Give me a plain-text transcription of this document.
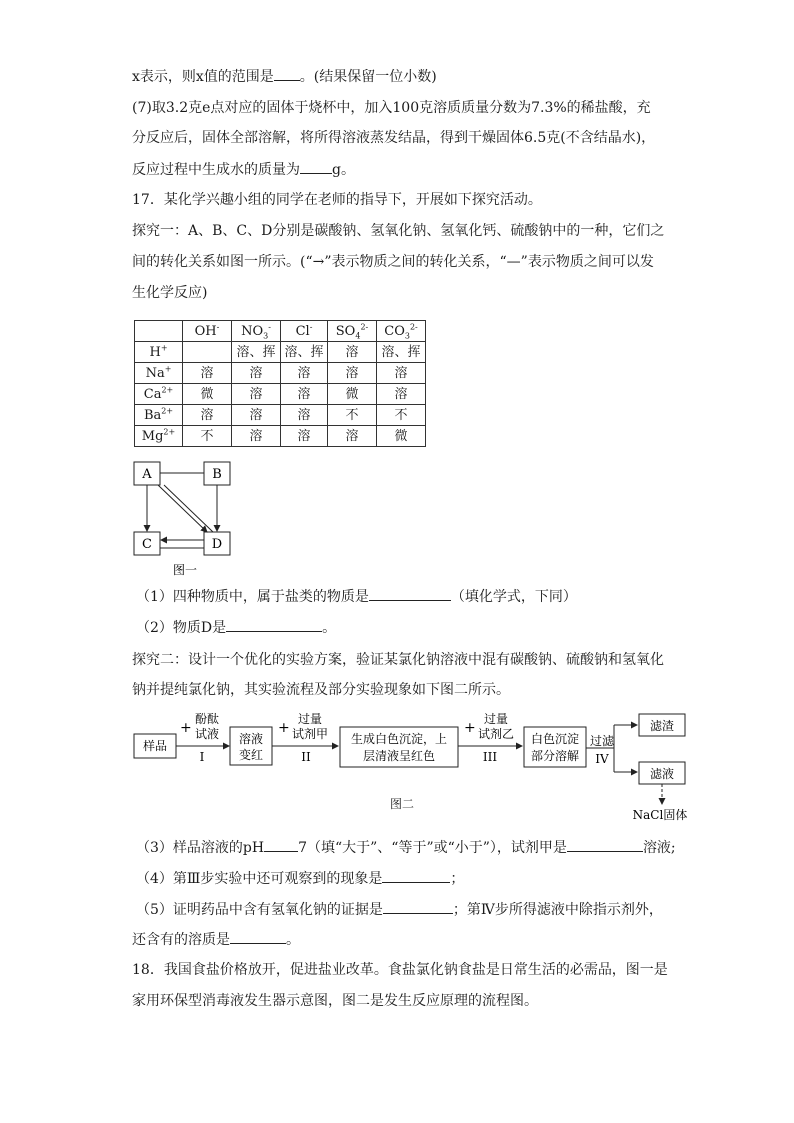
x表示，则x值的范围是 。(结果保留一位小数)
(7)取3.2克e点对应的固体于烧杯中，加入100克溶质质量分数为7.3%的稀盐酸，充
分反应后，固体全部溶解，将所得溶液蒸发结晶，得到干燥固体6.5克(不含结晶水)，
反应过程中生成水的质量为 g。
17．某化学兴趣小组的同学在老师的指导下，开展如下探究活动。
探究一：A、B、C、D分别是碳酸钠、氢氧化钠、氢氧化钙、硫酸钠中的一种，它们之
间的转化关系如图一所示。(“→”表示物质之间的转化关系，“—”表示物质之间可以发
生化学反应)
	OH-	$NO_3^-$	Cl-	$SO_4^{2-}$	$CO_3^{2-}$
H+		溶、挥	溶、挥	溶	溶、挥
Na+	溶	溶	溶	溶	溶
$Ca^{2+}$	微	溶	溶	微	溶
$Ba^{2+}$	溶	溶	溶	不	不
$Mg^{2+}$	不	溶	溶	溶	微
A	B
C	D
图一
（1）四种物质中，属于盐类的物质是	（填化学式，下同）
（2）物质D是	。
探究二：设计一个优化的实验方案，验证某氯化钠溶液中混有碳酸钠、硫酸钠和氢氧化
钠并提纯氯化钠，其实验流程及部分实验现象如下图二所示。
样品
+
酚酞
试液
I
溶液
变红
+
过量
试剂甲
II
生成白色沉淀，上
层清液呈红色
+
过量
试剂乙
III
白色沉淀
部分溶解
过滤
IV
滤渣
滤液
NaCl固体
图二
（3）样品溶液的pH 7（填“大于”、“等于”或“小于”），试剂甲是	溶液;
（4）第Ⅲ步实验中还可观察到的现象是	；
（5）证明药品中含有氢氧化钠的证据是	；第Ⅳ步所得滤液中除指示剂外，
还含有的溶质是	。
18．我国食盐价格放开，促进盐业改革。食盐氯化钠食盐是日常生活的必需品，图一是
家用环保型消毒液发生器示意图，图二是发生反应原理的流程图。
